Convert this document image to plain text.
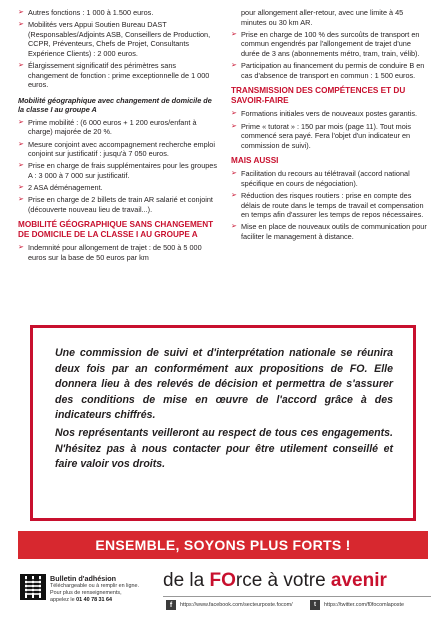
➢ Autres fonctions : 1 000 à 1.500 euros.
➢ Mobilités vers Appui Soutien Bureau DAST (Responsables/Adjoints ASB, Conseillers de Production, CCPR, Préventeurs, Chefs de Projet, Consultants Expérience Clients) : 2 000 euros.
➢ Élargissement significatif des périmètres sans changement de fonction : prime exceptionnelle de 1 000 euros.
Mobilité géographique avec changement de domicile de la classe I au groupe A
➢ Prime mobilité : (6 000 euros + 1 200 euros/enfant à charge) majorée de 20 %.
➢ Mesure conjoint avec accompagnement recherche emploi conjoint sur justificatif : jusqu'à 7 050 euros.
➢ Prise en charge de frais supplémentaires pour les groupes A : 3 000 à 7 000 sur justificatif.
➢ 2 ASA déménagement.
➢ Prise en charge de 2 billets de train AR salarié et conjoint (découverte nouveau lieu de travail...).
MOBILITÉ GÉOGRAPHIQUE SANS CHANGEMENT DE DOMICILE DE LA CLASSE I AU GROUPE A
➢ Indemnité pour allongement de trajet : de 500 à 5 000 euros sur la base de 50 euros par km
pour allongement aller-retour, avec une limite à 45 minutes ou 30 km AR.
➢ Prise en charge de 100 % des surcoûts de transport en commun engendrés par l'allongement de trajet d'une durée de 3 ans (abonnements métro, tram, train, vélib).
➢ Participation au financement du permis de conduire B en cas d'absence de transport en commun : 1 500 euros.
TRANSMISSION DES COMPÉTENCES ET DU SAVOIR-FAIRE
➢ Formations initiales vers de nouveaux postes garantis.
➢ Prime « tutorat » : 150 par mois (page 11). Tout mois commencé sera payé. Fera l'objet d'un indicateur en commission de suivi).
MAIS AUSSI
➢ Facilitation du recours au télétravail (accord national spécifique en cours de négociation).
➢ Réduction des risques routiers : prise en compte des délais de route dans le temps de travail et compensation en temps afin d'assurer les temps de repos nécessaires.
➢ Mise en place de nouveaux outils de communication pour faciliter le management à distance.

Une commission de suivi et d'interprétation nationale se réunira deux fois par an conformément aux propositions de FO. Elle donnera lieu à des relevés de décision et permettra de s'assurer des conditions de mise en œuvre de l'accord grâce à des indicateurs chiffrés.

Nos représentants veilleront au respect de tous ces engagements. N'hésitez pas à nous contacter pour être utilement conseillé et faire valoir vos droits.

ENSEMBLE, SOYONS PLUS FORTS !
Bulletin d'adhésion
Téléchargeable ou à remplir en ligne.
Pour plus de renseignements,
appelez le 01 40 78 31 64
de la FOrce à votre avenir
f	https://www.facebook.com/secteurposte.focom/	t	https://twitter.com/f0focomlaposte
